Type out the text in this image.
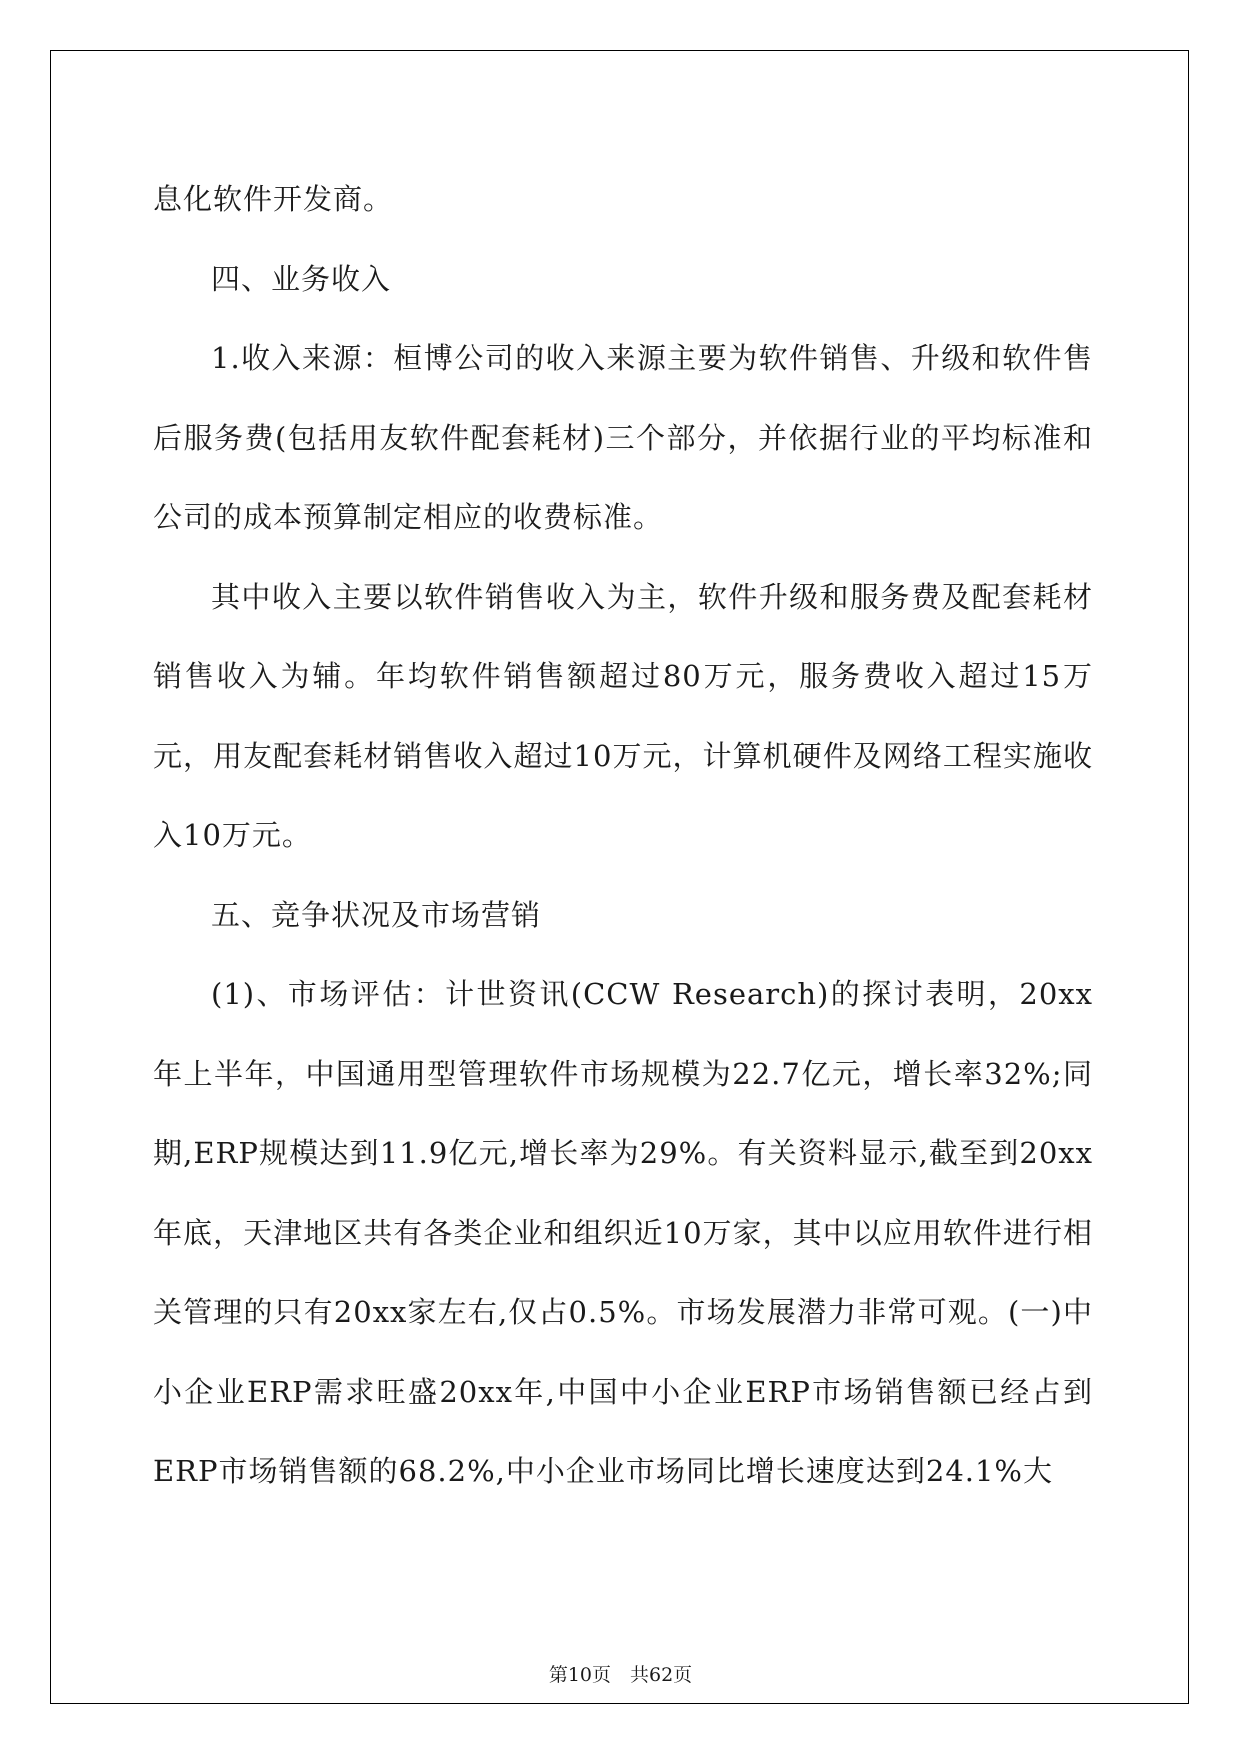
息化软件开发商。

四、业务收入

1.收入来源：桓博公司的收入来源主要为软件销售、升级和软件售后服务费(包括用友软件配套耗材)三个部分，并依据行业的平均标准和公司的成本预算制定相应的收费标准。

其中收入主要以软件销售收入为主，软件升级和服务费及配套耗材销售收入为辅。年均软件销售额超过80万元，服务费收入超过15万元，用友配套耗材销售收入超过10万元，计算机硬件及网络工程实施收入10万元。

五、竞争状况及市场营销

(1)、市场评估：计世资讯(CCW Research)的探讨表明，20xx年上半年，中国通用型管理软件市场规模为22.7亿元，增长率32%;同期,ERP规模达到11.9亿元,增长率为29%。有关资料显示,截至到20xx年底，天津地区共有各类企业和组织近10万家，其中以应用软件进行相关管理的只有20xx家左右,仅占0.5%。市场发展潜力非常可观。(一)中小企业ERP需求旺盛20xx年,中国中小企业ERP市场销售额已经占到ERP市场销售额的68.2%,中小企业市场同比增长速度达到24.1%大

第10页　共62页
